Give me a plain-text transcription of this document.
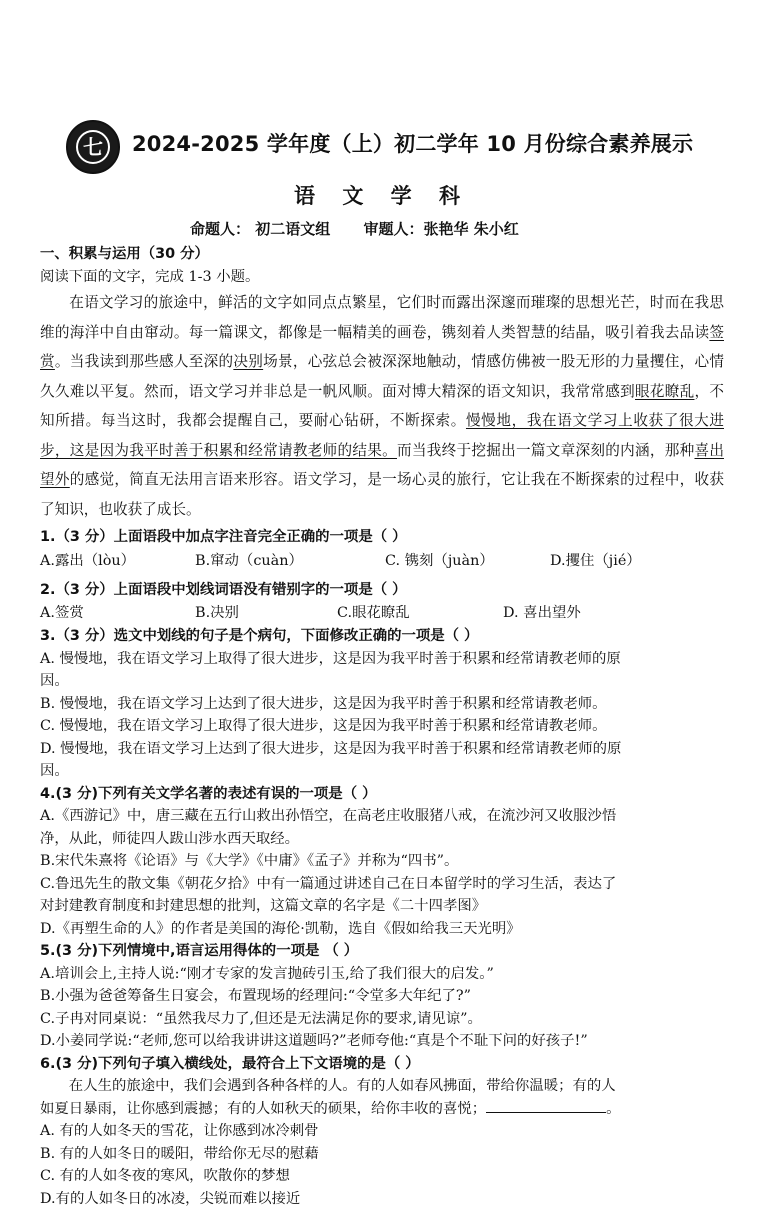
七 2024-2025 学年度（上）初二学年 10 月份综合素养展示
语 文 学 科
命题人： 初二语文组 审题人：张艳华 朱小红
一、积累与运用（30 分）
阅读下面的文字，完成 1-3 小题。

在语文学习的旅途中，鲜活的文字如同点点繁星，它们时而露出深邃而璀璨的思想光芒，时而在我思维的海洋中自由窜动。每一篇课文，都像是一幅精美的画卷，镌刻着人类智慧的结晶，吸引着我去品读签赏。当我读到那些感人至深的决别场景，心弦总会被深深地触动，情感仿佛被一股无形的力量攫住，心情久久难以平复。然而，语文学习并非总是一帆风顺。面对博大精深的语文知识，我常常感到眼花瞭乱，不知所措。每当这时，我都会提醒自己，要耐心钻研，不断探索。慢慢地，我在语文学习上收获了很大进步，这是因为我平时善于积累和经常请教老师的结果。而当我终于挖掘出一篇文章深刻的内涵，那种喜出望外的感觉，简直无法用言语来形容。语文学习，是一场心灵的旅行，它让我在不断探索的过程中，收获了知识，也收获了成长。

1.（3 分）上面语段中加点字注音完全正确的一项是（ ）
A.露出（lòu）	B.窜动（cuàn）	C. 镌刻（juàn）	D.攫住（jié）
2.（3 分）上面语段中划线词语没有错别字的一项是（ ）
A.签赏	B.决别	C.眼花瞭乱	D. 喜出望外
3.（3 分）选文中划线的句子是个病句，下面修改正确的一项是（ ）
A. 慢慢地，我在语文学习上取得了很大进步，这是因为我平时善于积累和经常请教老师的原
因。
B. 慢慢地，我在语文学习上达到了很大进步，这是因为我平时善于积累和经常请教老师。
C. 慢慢地，我在语文学习上取得了很大进步，这是因为我平时善于积累和经常请教老师。
D. 慢慢地，我在语文学习上达到了很大进步，这是因为我平时善于积累和经常请教老师的原
因。
4.(3 分)下列有关文学名著的表述有误的一项是（ ）
A.《西游记》中，唐三藏在五行山救出孙悟空，在高老庄收服猪八戒，在流沙河又收服沙悟
净，从此，师徒四人跋山涉水西天取经。
B.宋代朱熹将《论语》与《大学》《中庸》《孟子》并称为“四书”。
C.鲁迅先生的散文集《朝花夕拾》中有一篇通过讲述自己在日本留学时的学习生活，表达了
对封建教育制度和封建思想的批判，这篇文章的名字是《二十四孝图》
D.《再塑生命的人》的作者是美国的海伦·凯勒，选自《假如给我三天光明》
5.(3 分)下列情境中,语言运用得体的一项是 （ ）
A.培训会上,主持人说:“刚才专家的发言抛砖引玉,给了我们很大的启发。”
B.小强为爸爸筹备生日宴会，布置现场的经理问:“令堂多大年纪了?”
C.子冉对同桌说：“虽然我尽力了,但还是无法满足你的要求,请见谅”。
D.小姜同学说:“老师,您可以给我讲讲这道题吗?”老师夸他:“真是个不耻下问的好孩子!”
6.(3 分)下列句子填入横线处，最符合上下文语境的是（ ）
在人生的旅途中，我们会遇到各种各样的人。有的人如春风拂面，带给你温暖；有的人
如夏日暴雨，让你感到震撼；有的人如秋天的硕果，给你丰收的喜悦；	。
A. 有的人如冬天的雪花，让你感到冰冷刺骨
B. 有的人如冬日的暖阳，带给你无尽的慰藉
C. 有的人如冬夜的寒风，吹散你的梦想
D.有的人如冬日的冰凌，尖锐而难以接近
